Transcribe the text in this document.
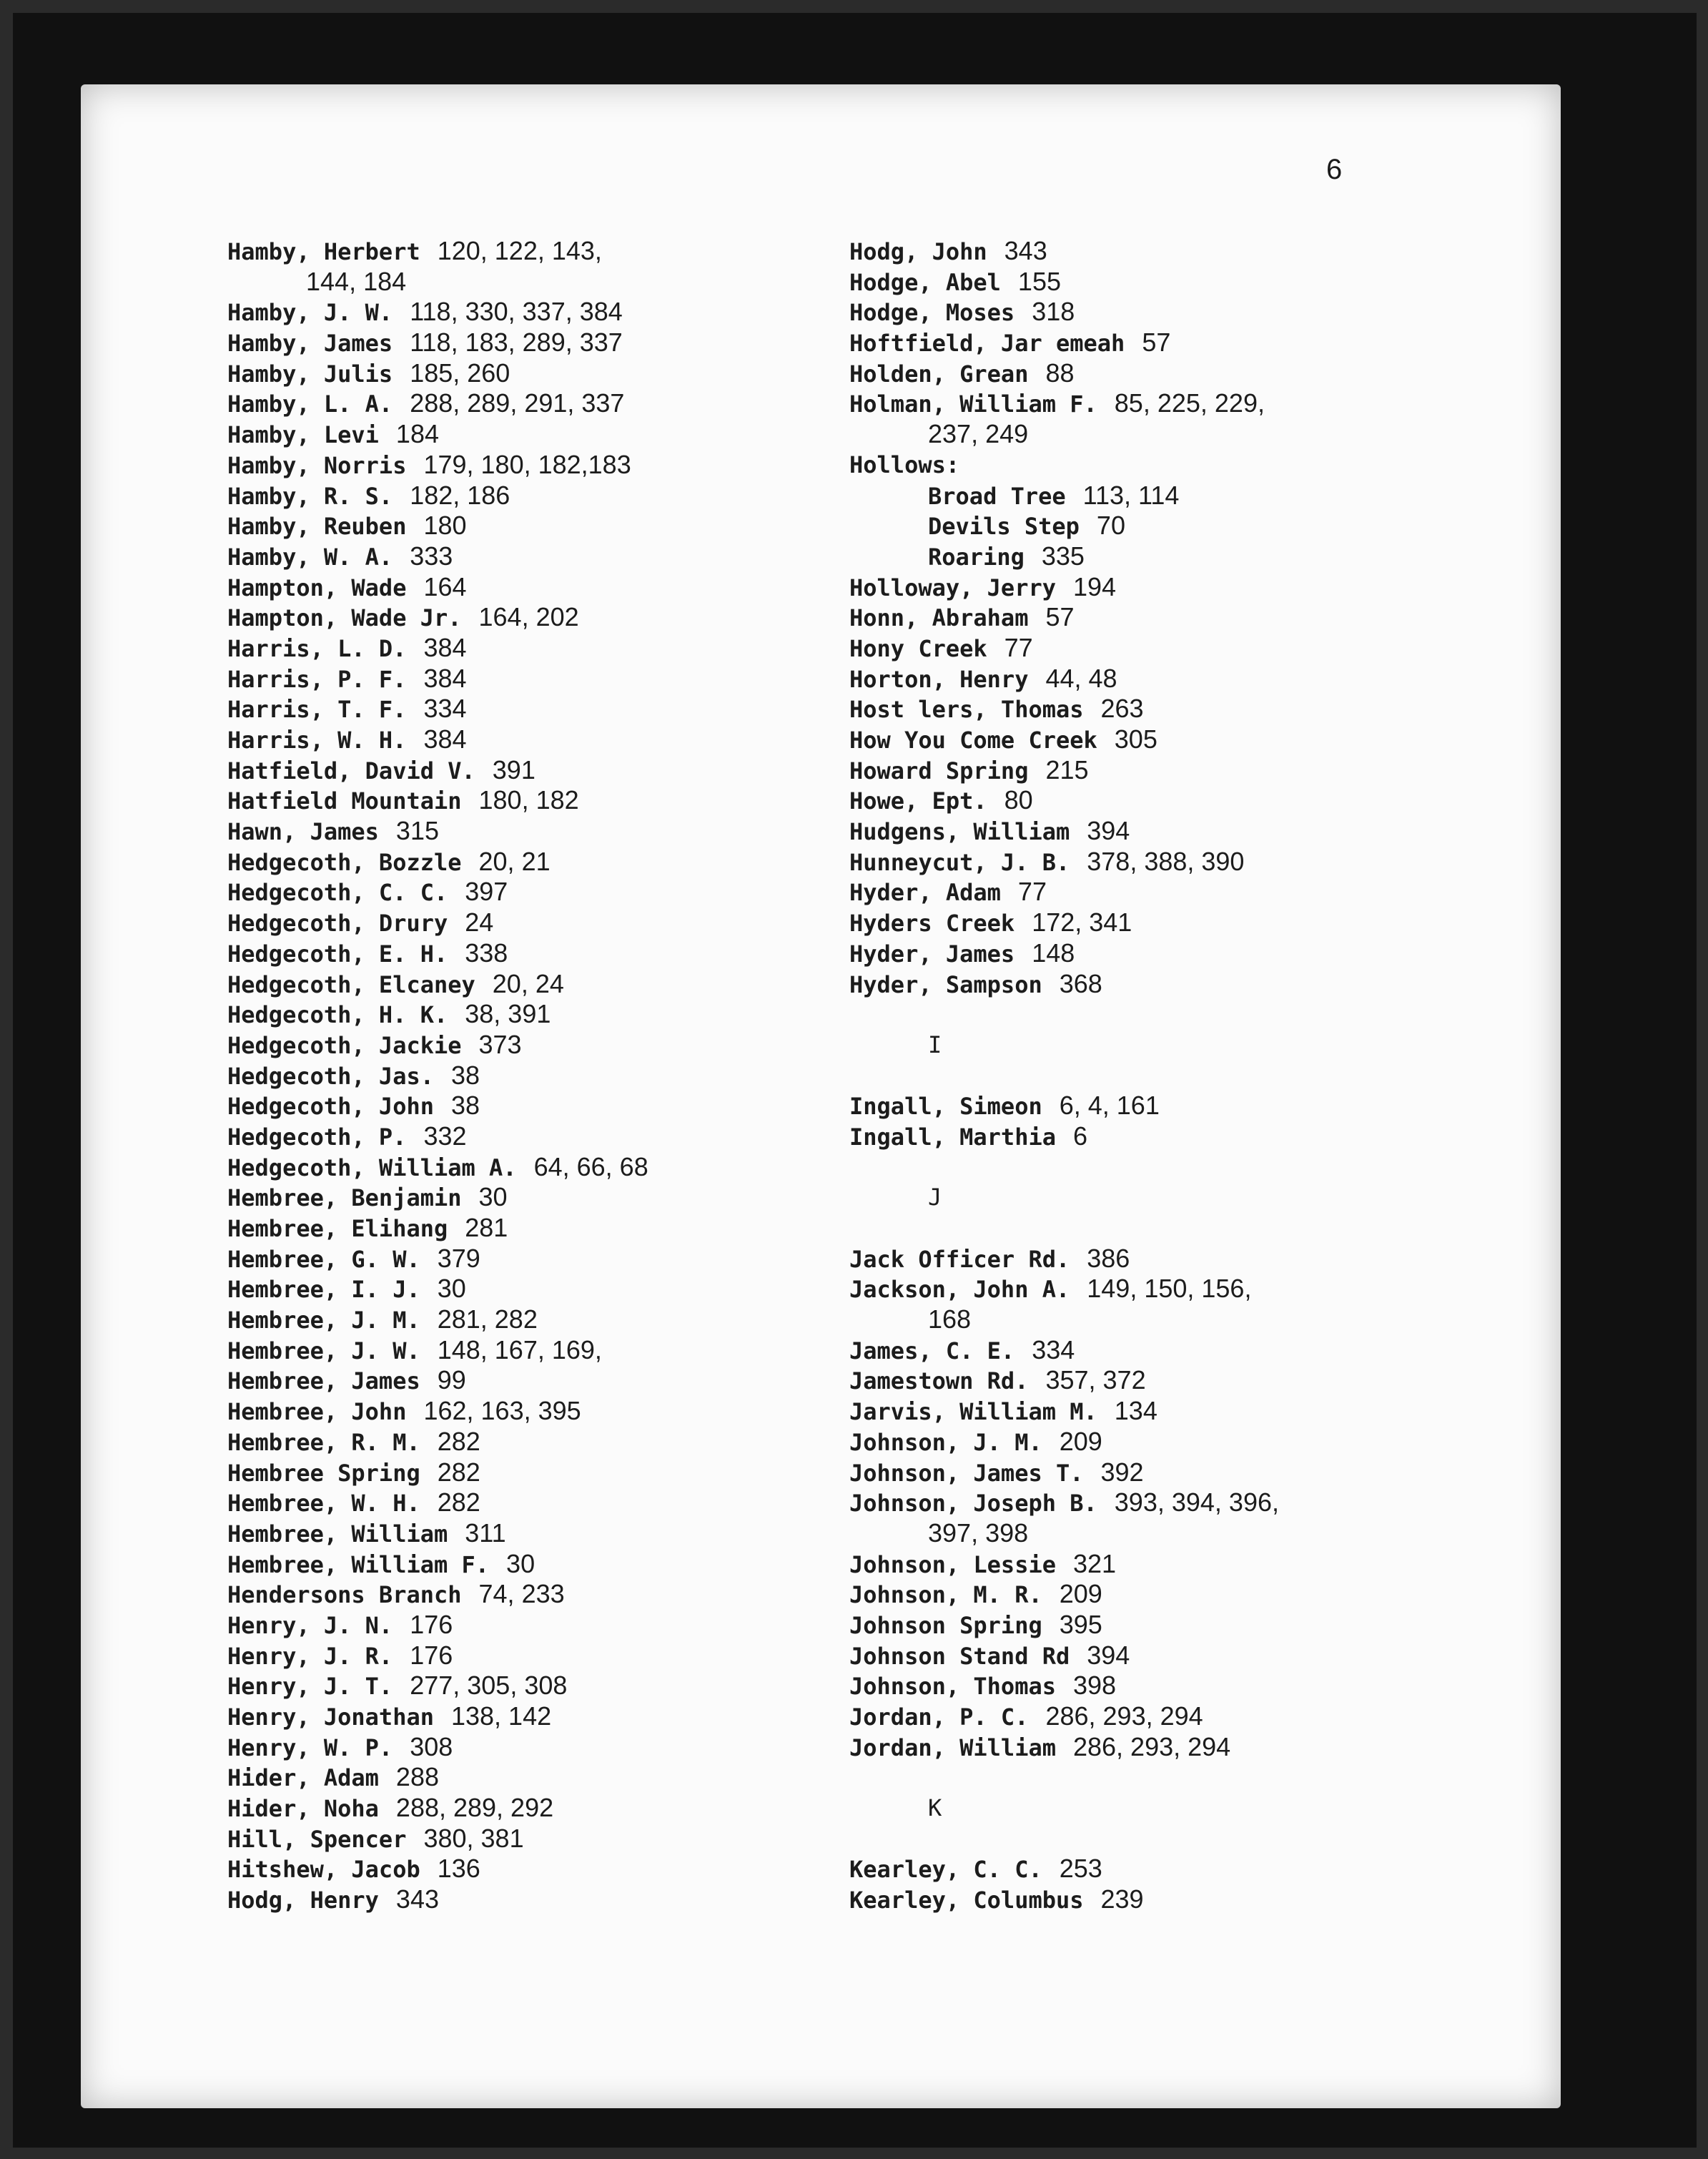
6
Hamby, Herbert 120, 122, 143,
144, 184
Hamby, J. W. 118, 330, 337, 384
Hamby, James 118, 183, 289, 337
Hamby, Julis 185, 260
Hamby, L. A. 288, 289, 291, 337
Hamby, Levi 184
Hamby, Norris 179, 180, 182,183
Hamby, R. S. 182, 186
Hamby, Reuben 180
Hamby, W. A. 333
Hampton, Wade 164
Hampton, Wade Jr. 164, 202
Harris, L. D. 384
Harris, P. F. 384
Harris, T. F. 334
Harris, W. H. 384
Hatfield, David V. 391
Hatfield Mountain 180, 182
Hawn, James 315
Hedgecoth, Bozzle 20, 21
Hedgecoth, C. C. 397
Hedgecoth, Drury 24
Hedgecoth, E. H. 338
Hedgecoth, Elcaney 20, 24
Hedgecoth, H. K. 38, 391
Hedgecoth, Jackie 373
Hedgecoth, Jas. 38
Hedgecoth, John 38
Hedgecoth, P. 332
Hedgecoth, William A. 64, 66, 68
Hembree, Benjamin 30
Hembree, Elihang 281
Hembree, G. W. 379
Hembree, I. J. 30
Hembree, J. M. 281, 282
Hembree, J. W. 148, 167, 169,
Hembree, James 99
Hembree, John 162, 163, 395
Hembree, R. M. 282
Hembree Spring 282
Hembree, W. H. 282
Hembree, William 311
Hembree, William F. 30
Hendersons Branch 74, 233
Henry, J. N. 176
Henry, J. R. 176
Henry, J. T. 277, 305, 308
Henry, Jonathan 138, 142
Henry, W. P. 308
Hider, Adam 288
Hider, Noha 288, 289, 292
Hill, Spencer 380, 381
Hitshew, Jacob 136
Hodg, Henry 343
Hodg, John 343
Hodge, Abel 155
Hodge, Moses 318
Hoftfield, Jar emeah 57
Holden, Grean 88
Holman, William F. 85, 225, 229,
237, 249
Hollows:
Broad Tree 113, 114
Devils Step 70
Roaring 335
Holloway, Jerry 194
Honn, Abraham 57
Hony Creek 77
Horton, Henry 44, 48
Host lers, Thomas 263
How You Come Creek 305
Howard Spring 215
Howe, Ept. 80
Hudgens, William 394
Hunneycut, J. B. 378, 388, 390
Hyder, Adam 77
Hyders Creek 172, 341
Hyder, James 148
Hyder, Sampson 368
I
Ingall, Simeon 6, 4, 161
Ingall, Marthia 6
J
Jack Officer Rd. 386
Jackson, John A. 149, 150, 156,
168
James, C. E. 334
Jamestown Rd. 357, 372
Jarvis, William M. 134
Johnson, J. M. 209
Johnson, James T. 392
Johnson, Joseph B. 393, 394, 396,
397, 398
Johnson, Lessie 321
Johnson, M. R. 209
Johnson Spring 395
Johnson Stand Rd 394
Johnson, Thomas 398
Jordan, P. C. 286, 293, 294
Jordan, William 286, 293, 294
K
Kearley, C. C. 253
Kearley, Columbus 239
